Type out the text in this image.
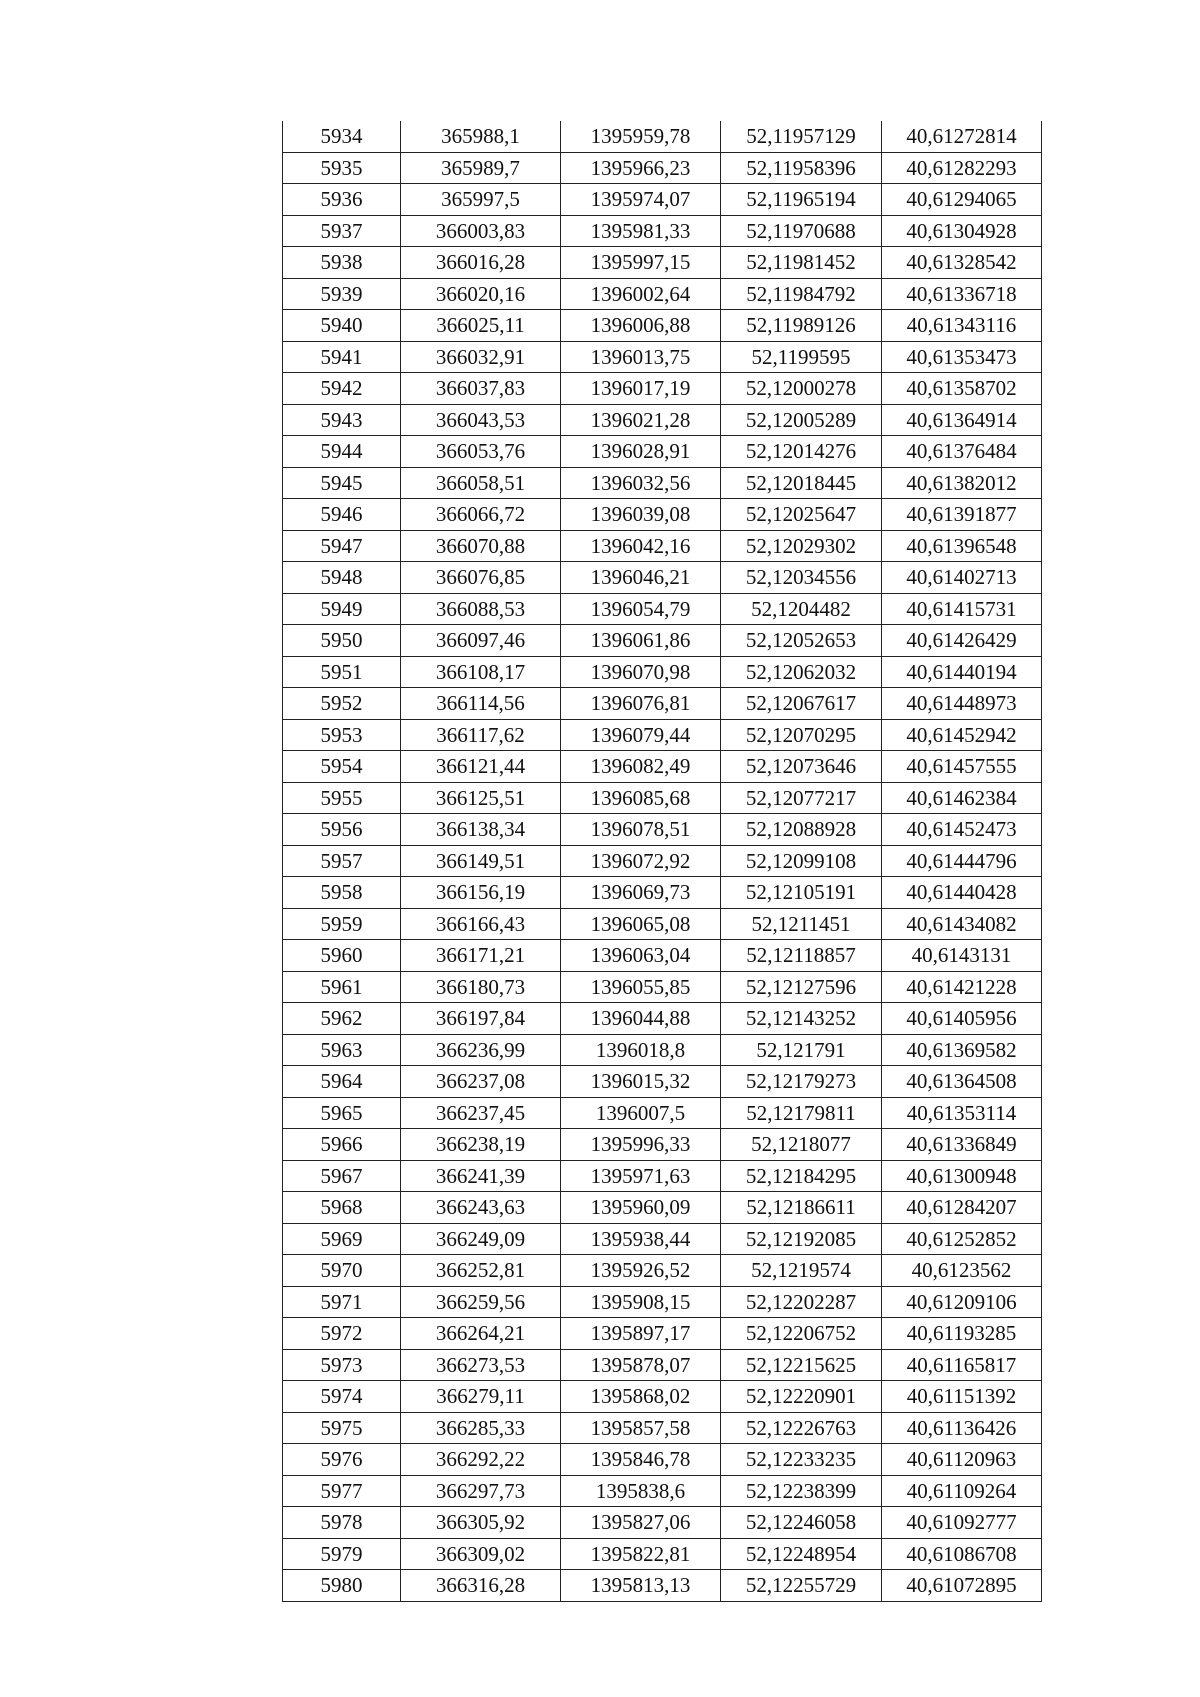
5934	365988,1	1395959,78	52,11957129	40,61272814
5935	365989,7	1395966,23	52,11958396	40,61282293
5936	365997,5	1395974,07	52,11965194	40,61294065
5937	366003,83	1395981,33	52,11970688	40,61304928
5938	366016,28	1395997,15	52,11981452	40,61328542
5939	366020,16	1396002,64	52,11984792	40,61336718
5940	366025,11	1396006,88	52,11989126	40,61343116
5941	366032,91	1396013,75	52,1199595	40,61353473
5942	366037,83	1396017,19	52,12000278	40,61358702
5943	366043,53	1396021,28	52,12005289	40,61364914
5944	366053,76	1396028,91	52,12014276	40,61376484
5945	366058,51	1396032,56	52,12018445	40,61382012
5946	366066,72	1396039,08	52,12025647	40,61391877
5947	366070,88	1396042,16	52,12029302	40,61396548
5948	366076,85	1396046,21	52,12034556	40,61402713
5949	366088,53	1396054,79	52,1204482	40,61415731
5950	366097,46	1396061,86	52,12052653	40,61426429
5951	366108,17	1396070,98	52,12062032	40,61440194
5952	366114,56	1396076,81	52,12067617	40,61448973
5953	366117,62	1396079,44	52,12070295	40,61452942
5954	366121,44	1396082,49	52,12073646	40,61457555
5955	366125,51	1396085,68	52,12077217	40,61462384
5956	366138,34	1396078,51	52,12088928	40,61452473
5957	366149,51	1396072,92	52,12099108	40,61444796
5958	366156,19	1396069,73	52,12105191	40,61440428
5959	366166,43	1396065,08	52,1211451	40,61434082
5960	366171,21	1396063,04	52,12118857	40,6143131
5961	366180,73	1396055,85	52,12127596	40,61421228
5962	366197,84	1396044,88	52,12143252	40,61405956
5963	366236,99	1396018,8	52,121791	40,61369582
5964	366237,08	1396015,32	52,12179273	40,61364508
5965	366237,45	1396007,5	52,12179811	40,61353114
5966	366238,19	1395996,33	52,1218077	40,61336849
5967	366241,39	1395971,63	52,12184295	40,61300948
5968	366243,63	1395960,09	52,12186611	40,61284207
5969	366249,09	1395938,44	52,12192085	40,61252852
5970	366252,81	1395926,52	52,1219574	40,6123562
5971	366259,56	1395908,15	52,12202287	40,61209106
5972	366264,21	1395897,17	52,12206752	40,61193285
5973	366273,53	1395878,07	52,12215625	40,61165817
5974	366279,11	1395868,02	52,12220901	40,61151392
5975	366285,33	1395857,58	52,12226763	40,61136426
5976	366292,22	1395846,78	52,12233235	40,61120963
5977	366297,73	1395838,6	52,12238399	40,61109264
5978	366305,92	1395827,06	52,12246058	40,61092777
5979	366309,02	1395822,81	52,12248954	40,61086708
5980	366316,28	1395813,13	52,12255729	40,61072895
